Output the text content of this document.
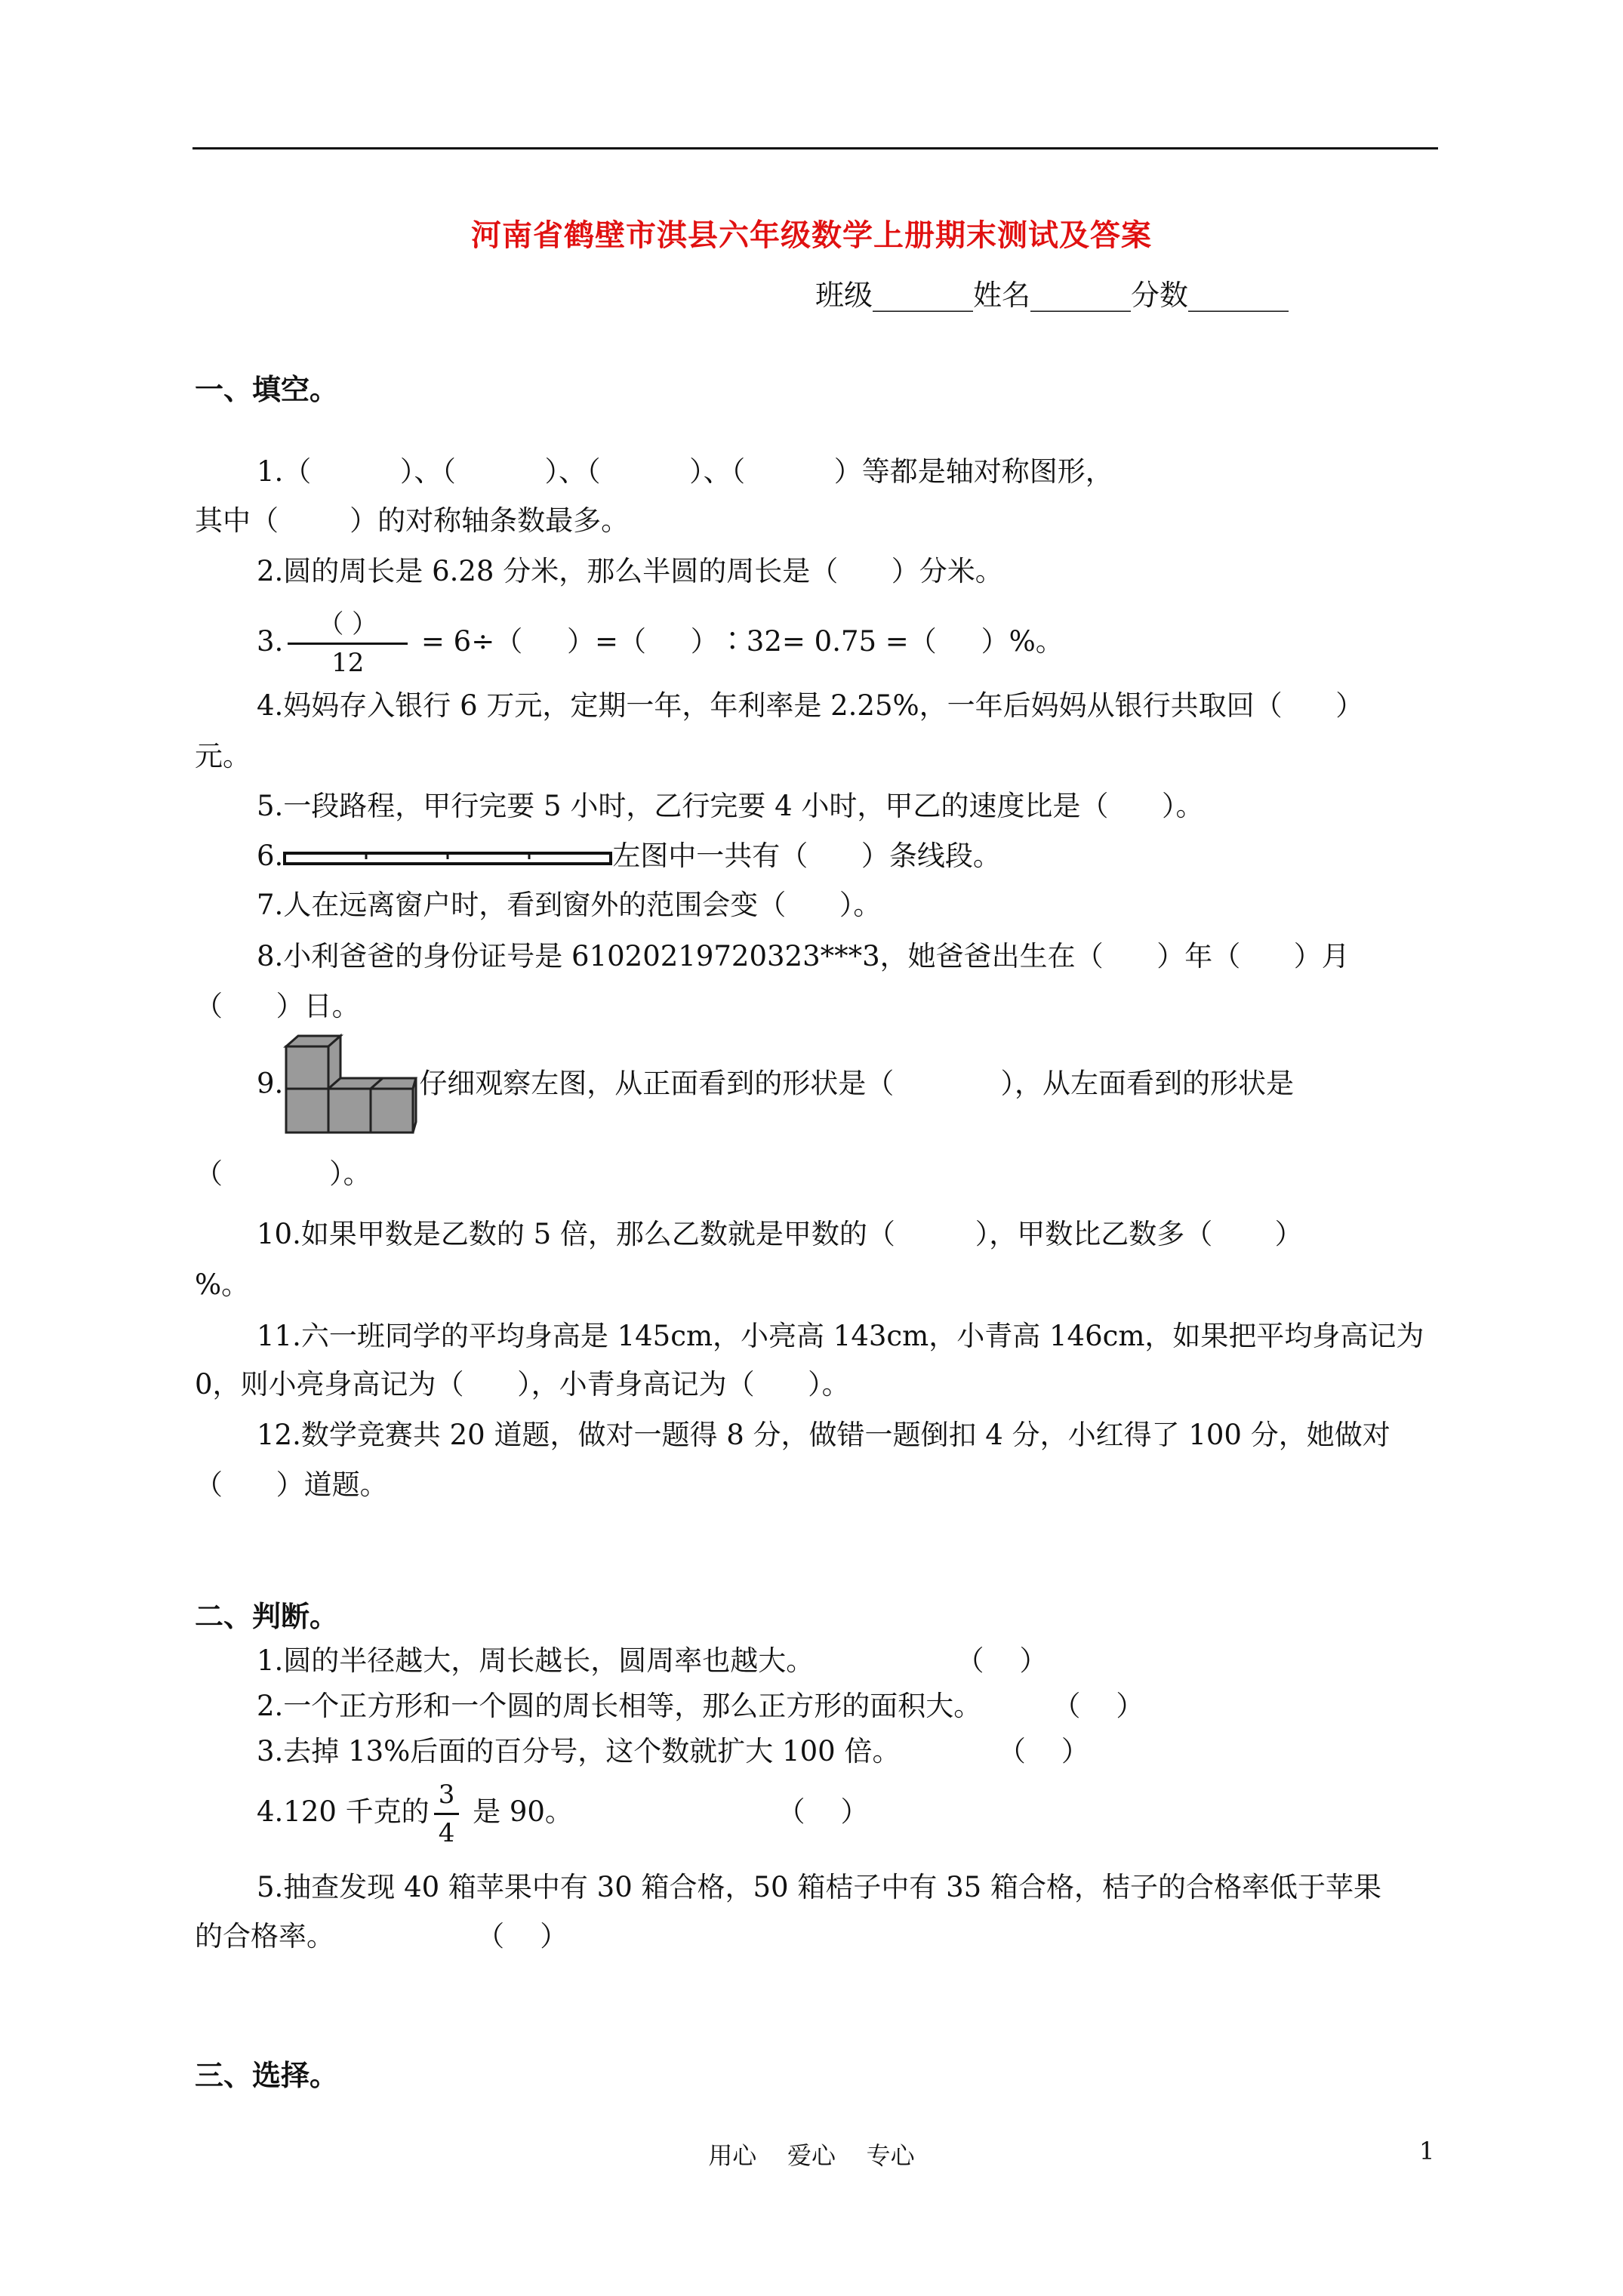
河南省鹤壁市淇县六年级数学上册期末测试及答案
班级_______姓名_______分数_______
一、填空。
1.（          ）、（          ）、（          ）、（          ）等都是轴对称图形，
其中（        ）的对称轴条数最多。
2.圆的周长是 6.28 分米，那么半圆的周长是（      ）分米。
3. $\frac{( )}{12} = 6\div$（     ）=（     ）∶32= 0.75 =（     ）%。
4.妈妈存入银行 6 万元，定期一年，年利率是 2.25%，一年后妈妈从银行共取回（      ）
元。
5.一段路程，甲行完要 5 小时，乙行完要 4 小时，甲乙的速度比是（      ）。
6.	左图中一共有（      ）条线段。
7.人在远离窗户时，看到窗外的范围会变（      ）。
8.小利爸爸的身份证号是 61020219720323***3，她爸爸出生在（      ）年（      ）月
（      ）日。
9.	仔细观察左图，从正面看到的形状是（            ），从左面看到的形状是
（            ）。
10.如果甲数是乙数的 5 倍，那么乙数就是甲数的（         ），甲数比乙数多（       ）
%。
11.六一班同学的平均身高是 145cm，小亮高 143cm，小青高 146cm，如果把平均身高记为
0，则小亮身高记为（      ），小青身高记为（      ）。
12.数学竞赛共 20 道题，做对一题得 8 分，做错一题倒扣 4 分，小红得了 100 分，她做对
（      ）道题。
二、判断。
1.圆的半径越大，周长越长，圆周率也越大。                （    ）
2.一个正方形和一个圆的周长相等，那么正方形的面积大。        （    ）
3.去掉 13%后面的百分号，这个数就扩大 100 倍。           （    ）
4.120 千克的 $\frac{3}{4}$ 是 90。                       （    ）
5.抽查发现 40 箱苹果中有 30 箱合格，50 箱桔子中有 35 箱合格，桔子的合格率低于苹果
的合格率。                （    ）
三、选择。
用心    爱心    专心	1
